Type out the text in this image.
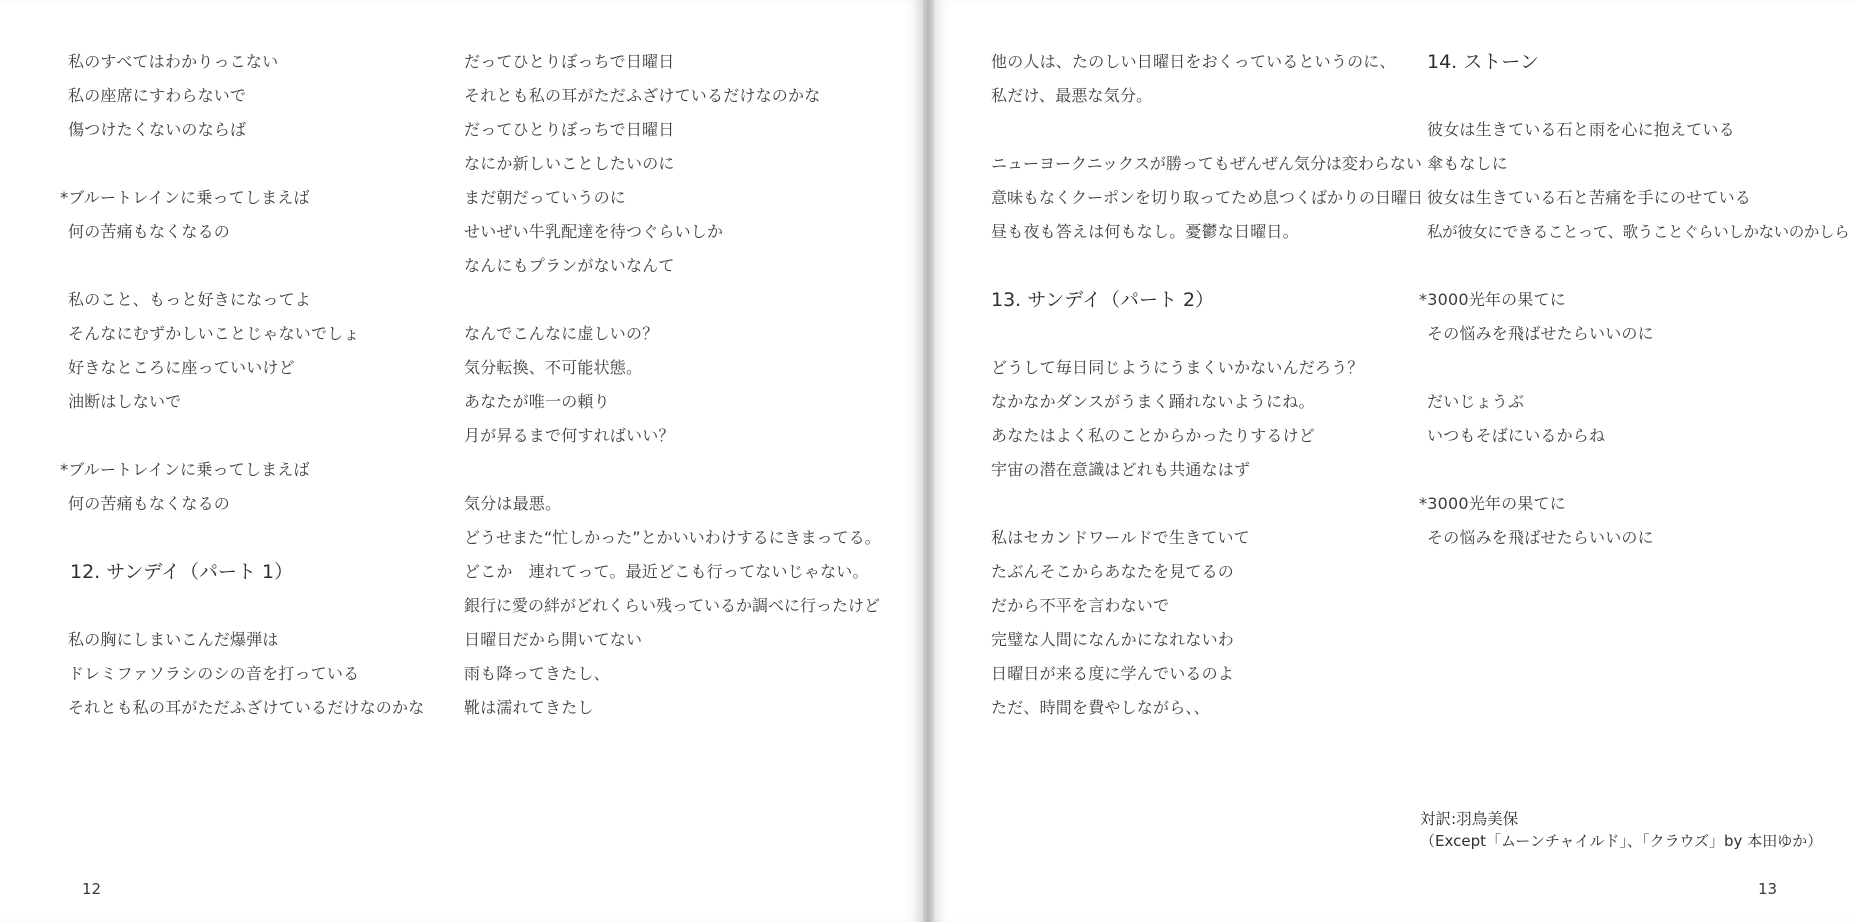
私のすべてはわかりっこない
私の座席にすわらないで
傷つけたくないのならば
*ブルートレインに乗ってしまえば
何の苦痛もなくなるの
私のこと、もっと好きになってよ
そんなにむずかしいことじゃないでしょ
好きなところに座っていいけど
油断はしないで
*ブルートレインに乗ってしまえば
何の苦痛もなくなるの
12. サンデイ（パート 1）
私の胸にしまいこんだ爆弾は
ドレミファソラシのシの音を打っている
それとも私の耳がただふざけているだけなのかな
だってひとりぼっちで日曜日
それとも私の耳がただふざけているだけなのかな
だってひとりぼっちで日曜日
なにか新しいことしたいのに
まだ朝だっていうのに
せいぜい牛乳配達を待つぐらいしか
なんにもプランがないなんて
なんでこんなに虚しいの？
気分転換、不可能状態。
あなたが唯一の頼り
月が昇るまで何すればいい？
気分は最悪。
どうせまた“忙しかった”とかいいわけするにきまってる。
どこか　連れてって。最近どこも行ってないじゃない。
銀行に愛の絆がどれくらい残っているか調べに行ったけど
日曜日だから開いてない
雨も降ってきたし、
靴は濡れてきたし
12
他の人は、たのしい日曜日をおくっているというのに、
私だけ、最悪な気分。
ニューヨークニックスが勝ってもぜんぜん気分は変わらない
意味もなくクーポンを切り取ってため息つくばかりの日曜日
昼も夜も答えは何もなし。憂鬱な日曜日。
13. サンデイ（パート 2）
どうして毎日同じようにうまくいかないんだろう？
なかなかダンスがうまく踊れないようにね。
あなたはよく私のことからかったりするけど
宇宙の潜在意識はどれも共通なはず
私はセカンドワールドで生きていて
たぶんそこからあなたを見てるの
だから不平を言わないで
完璧な人間になんかになれないわ
日曜日が来る度に学んでいるのよ
ただ、時間を費やしながら、、
14. ストーン
彼女は生きている石と雨を心に抱えている
傘もなしに
彼女は生きている石と苦痛を手にのせている
私が彼女にできることって、歌うことぐらいしかないのかしら
*3000光年の果てに
その悩みを飛ばせたらいいのに
だいじょうぶ
いつもそばにいるからね
*3000光年の果てに
その悩みを飛ばせたらいいのに
対訳:羽鳥美保
（Except「ムーンチャイルド」、「クラウズ」by 本田ゆか）
13
